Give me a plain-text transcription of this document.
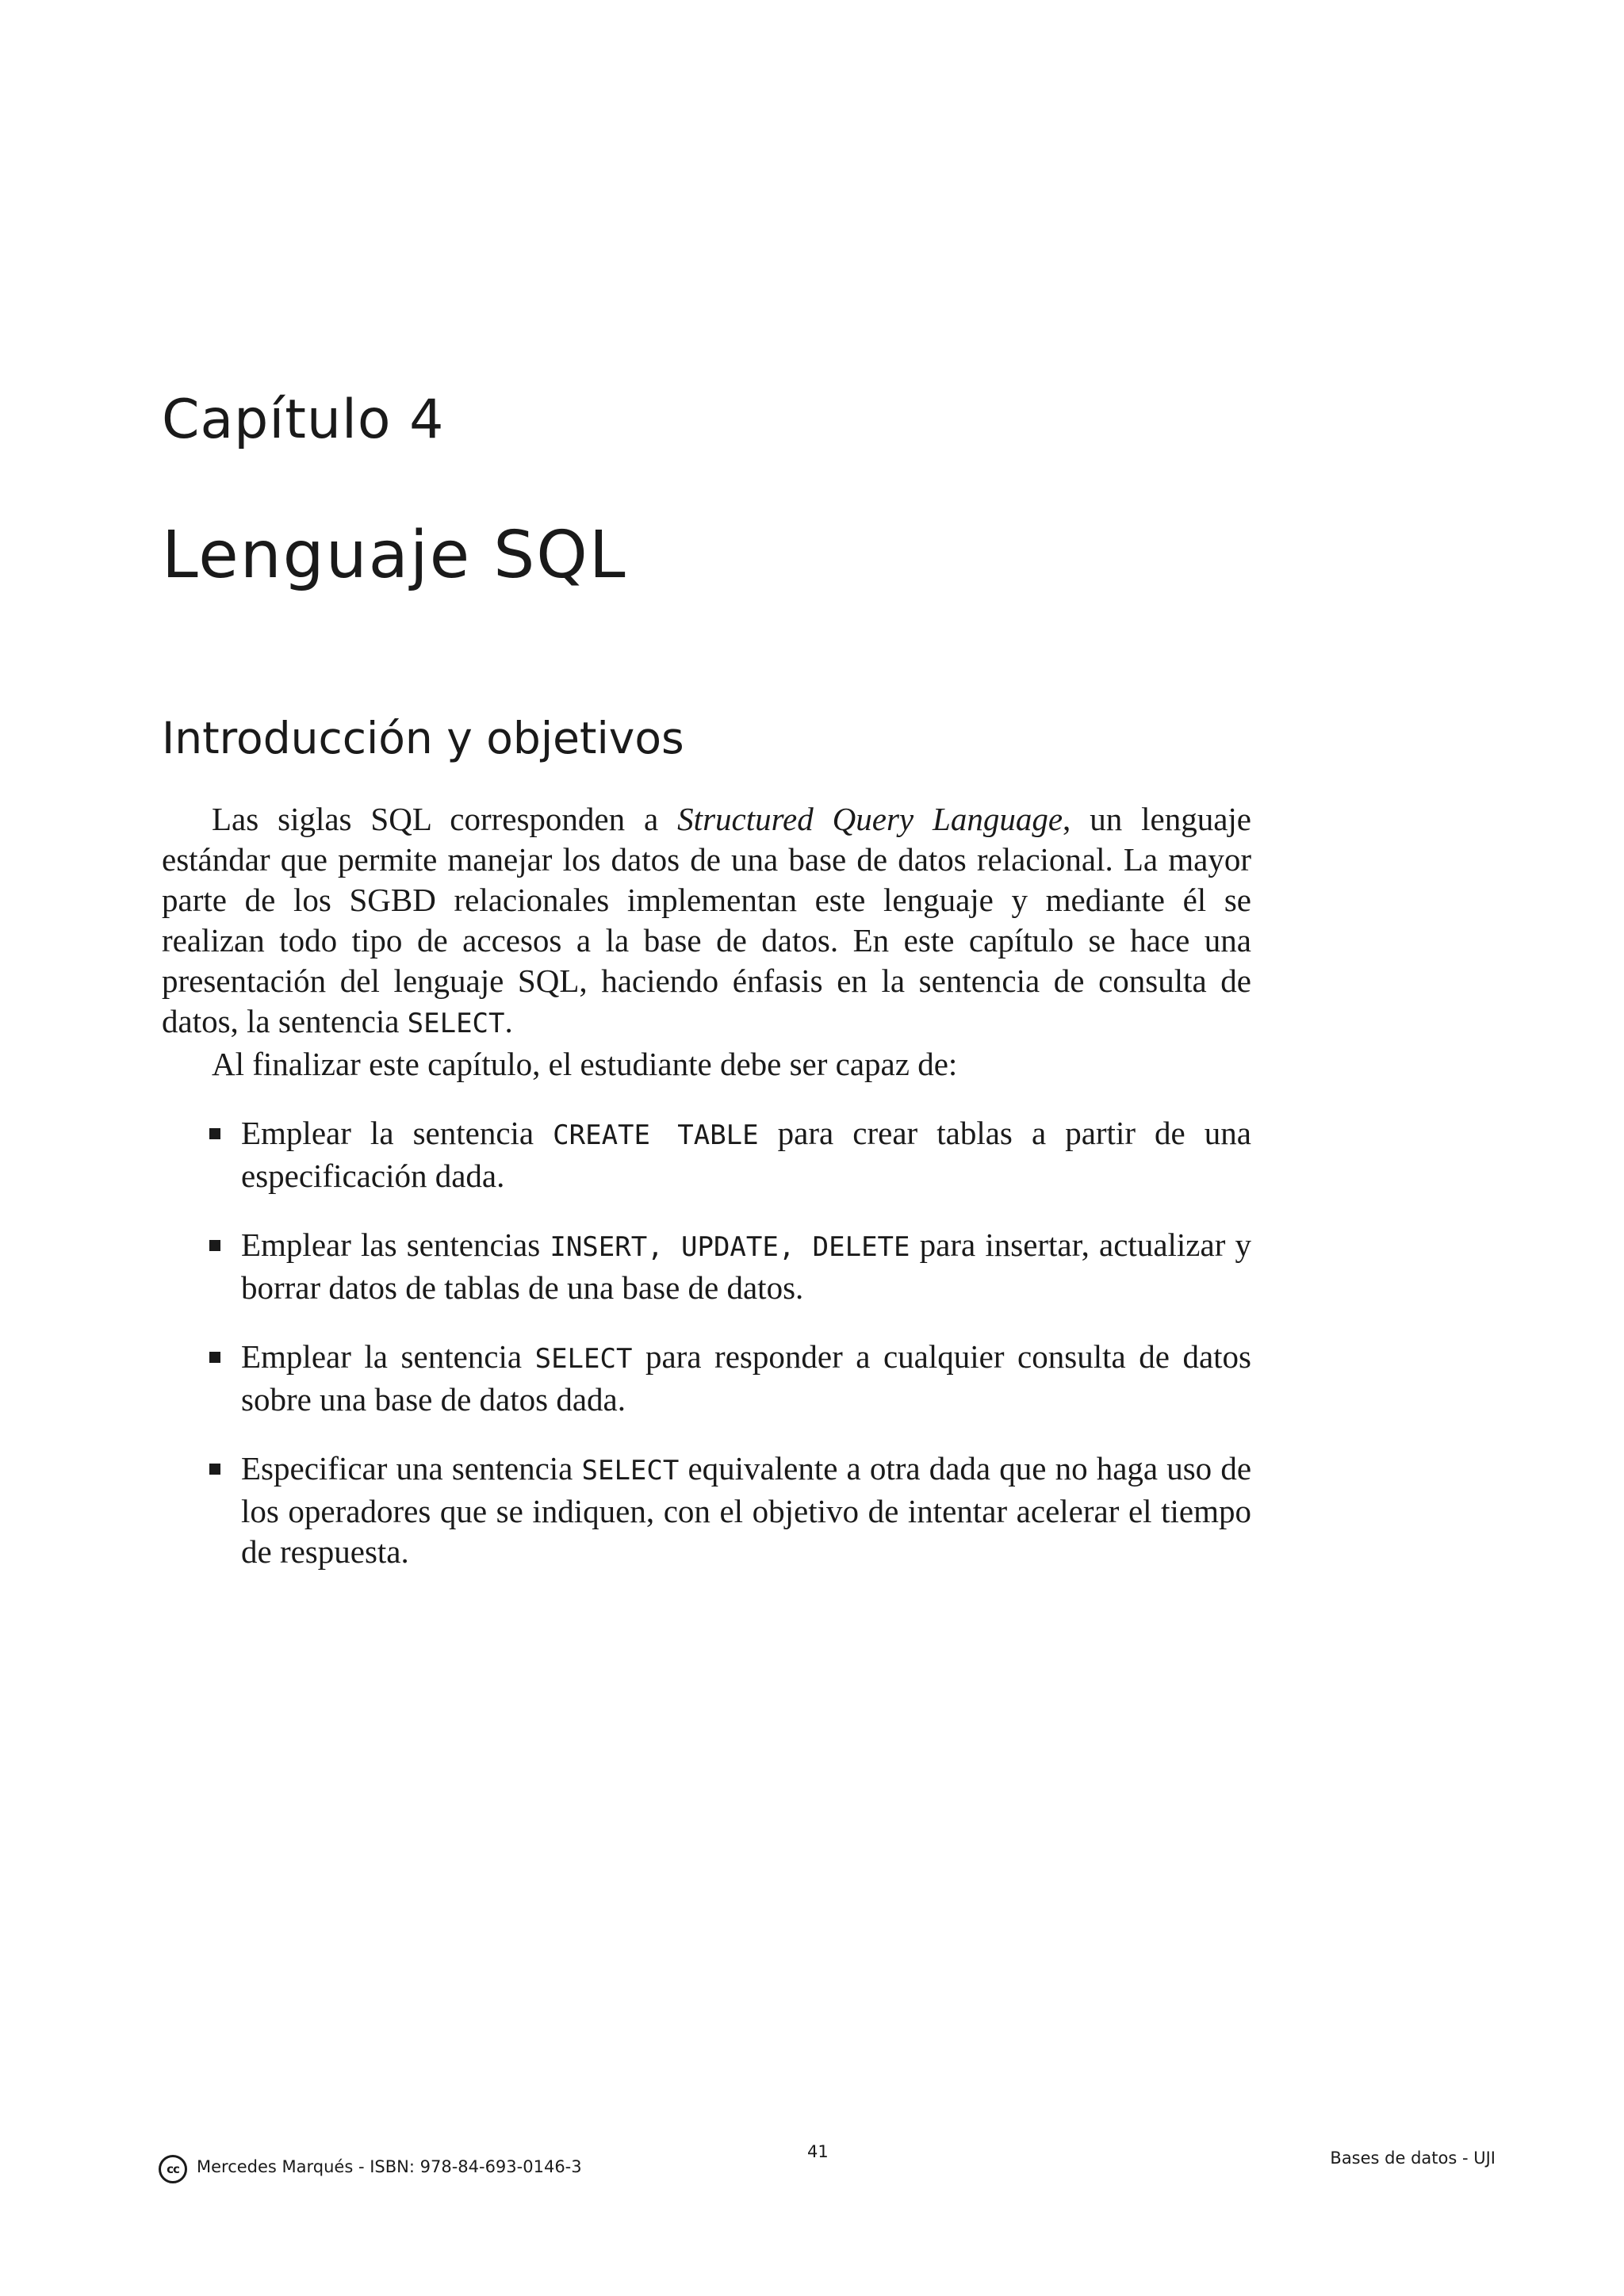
Capítulo 4
Lenguaje SQL
Introducción y objetivos

Las siglas SQL corresponden a Structured Query Language, un lenguaje estándar que permite manejar los datos de una base de datos relacional. La mayor parte de los SGBD relacionales implementan este lenguaje y mediante él se realizan todo tipo de accesos a la base de datos. En este capítulo se hace una presentación del lenguaje SQL, haciendo énfasis en la sentencia de consulta de datos, la sentencia SELECT.

Al finalizar este capítulo, el estudiante debe ser capaz de:

Emplear la sentencia CREATE TABLE para crear tablas a partir de una especificación dada.
Emplear las sentencias INSERT, UPDATE, DELETE para insertar, actualizar y borrar datos de tablas de una base de datos.
Emplear la sentencia SELECT para responder a cualquier consulta de datos sobre una base de datos dada.
Especificar una sentencia SELECT equivalente a otra dada que no haga uso de los operadores que se indiquen, con el objetivo de intentar acelerar el tiempo de respuesta.
cc	Mercedes Marqués - ISBN: 978-84-693-0146-3
41	Bases de datos - UJI
